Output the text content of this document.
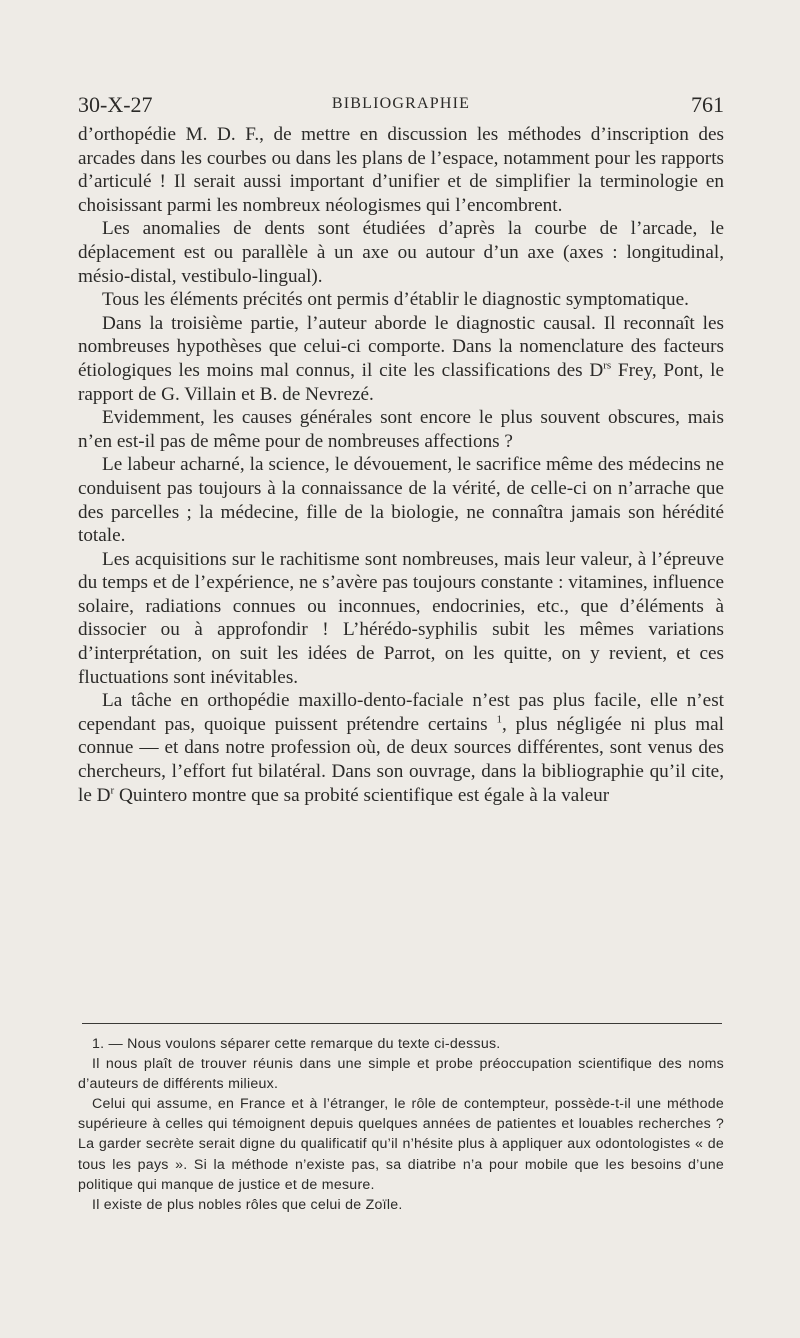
30-X-27	BIBLIOGRAPHIE	761

d’orthopédie M. D. F., de mettre en discussion les méthodes d’inscription des arcades dans les courbes ou dans les plans de l’espace, notamment pour les rapports d’articulé ! Il serait aussi important d’unifier et de simplifier la terminologie en choisissant parmi les nombreux néologismes qui l’encombrent.

Les anomalies de dents sont étudiées d’après la courbe de l’arcade, le déplacement est ou parallèle à un axe ou autour d’un axe (axes : longitudinal, mésio-distal, vestibulo-lingual).

Tous les éléments précités ont permis d’établir le diagnostic symptomatique.

Dans la troisième partie, l’auteur aborde le diagnostic causal. Il reconnaît les nombreuses hypothèses que celui-ci comporte. Dans la nomenclature des facteurs étiologiques les moins mal connus, il cite les classifications des $D^{rs}$ Frey, Pont, le rapport de G. Villain et B. de Nevrezé.

Evidemment, les causes générales sont encore le plus souvent obscures, mais n’en est-il pas de même pour de nombreuses affections ?

Le labeur acharné, la science, le dévouement, le sacrifice même des médecins ne conduisent pas toujours à la connaissance de la vérité, de celle-ci on n’arrache que des parcelles ; la médecine, fille de la biologie, ne connaîtra jamais son hérédité totale.

Les acquisitions sur le rachitisme sont nombreuses, mais leur valeur, à l’épreuve du temps et de l’expérience, ne s’avère pas toujours constante : vitamines, influence solaire, radiations connues ou inconnues, endocrinies, etc., que d’éléments à dissocier ou à approfondir ! L’hérédo-syphilis subit les mêmes variations d’interprétation, on suit les idées de Parrot, on les quitte, on y revient, et ces fluctuations sont inévitables.

La tâche en orthopédie maxillo-dento-faciale n’est pas plus facile, elle n’est cependant pas, quoique puissent prétendre certains $^1$, plus négligée ni plus mal connue — et dans notre profession où, de deux sources différentes, sont venus des chercheurs, l’effort fut bilatéral. Dans son ouvrage, dans la bibliographie qu’il cite, le $D^r$ Quintero montre que sa probité scientifique est égale à la valeur

1. — Nous voulons séparer cette remarque du texte ci-dessus.

Il nous plaît de trouver réunis dans une simple et probe préoccupation scientifique des noms d’auteurs de différents milieux.

Celui qui assume, en France et à l’étranger, le rôle de contempteur, possède-t-il une méthode supérieure à celles qui témoignent depuis quelques années de patientes et louables recherches ? La garder secrète serait digne du qualificatif qu’il n’hésite plus à appliquer aux odontologistes « de tous les pays ». Si la méthode n’existe pas, sa diatribe n’a pour mobile que les besoins d’une politique qui manque de justice et de mesure.

Il existe de plus nobles rôles que celui de Zoïle.
